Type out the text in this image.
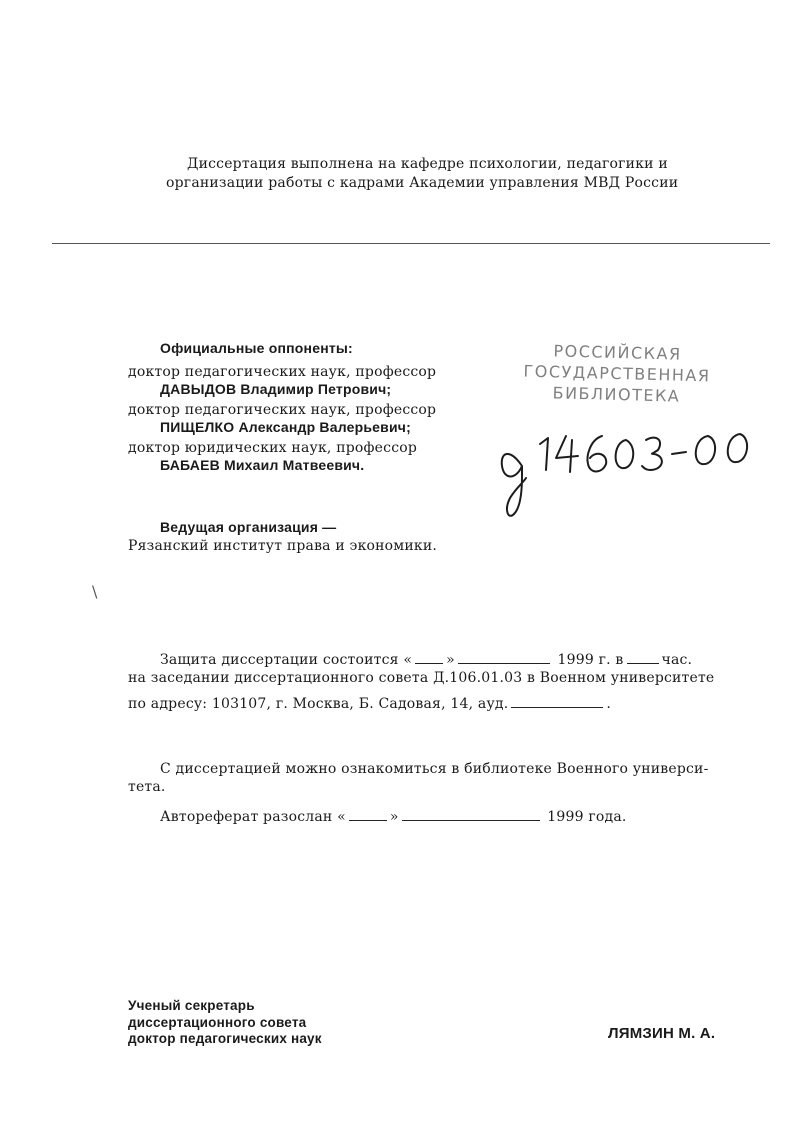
Диссертация выполнена на кафедре психологии, педагогики и
организации работы с кадрами Академии управления МВД России
Официальные оппоненты:
доктор педагогических наук, профессор
ДАВЫДОВ Владимир Петрович;
доктор педагогических наук, профессор
ПИЩЕЛКО Александр Валерьевич;
доктор юридических наук, профессор
БАБАЕВ Михаил Матвеевич.
РОССИЙСКАЯ
ГОСУДАРСТВЕННАЯ
БИБЛИОТЕКА
Ведущая организация —
Рязанский институт права и экономики.
\
Защита диссертации состоится « »	1999 г. в	час.
на заседании диссертационного совета Д.106.01.03 в Военном университете
по адресу: 103107, г. Москва, Б. Садовая, 14, ауд.	.
С диссертацией можно ознакомиться в библиотеке Военного универси-
тета.
Автореферат разослан «	»	1999 года.
Ученый секретарь
диссертационного совета
доктор педагогических наук	ЛЯМЗИН М. А.
